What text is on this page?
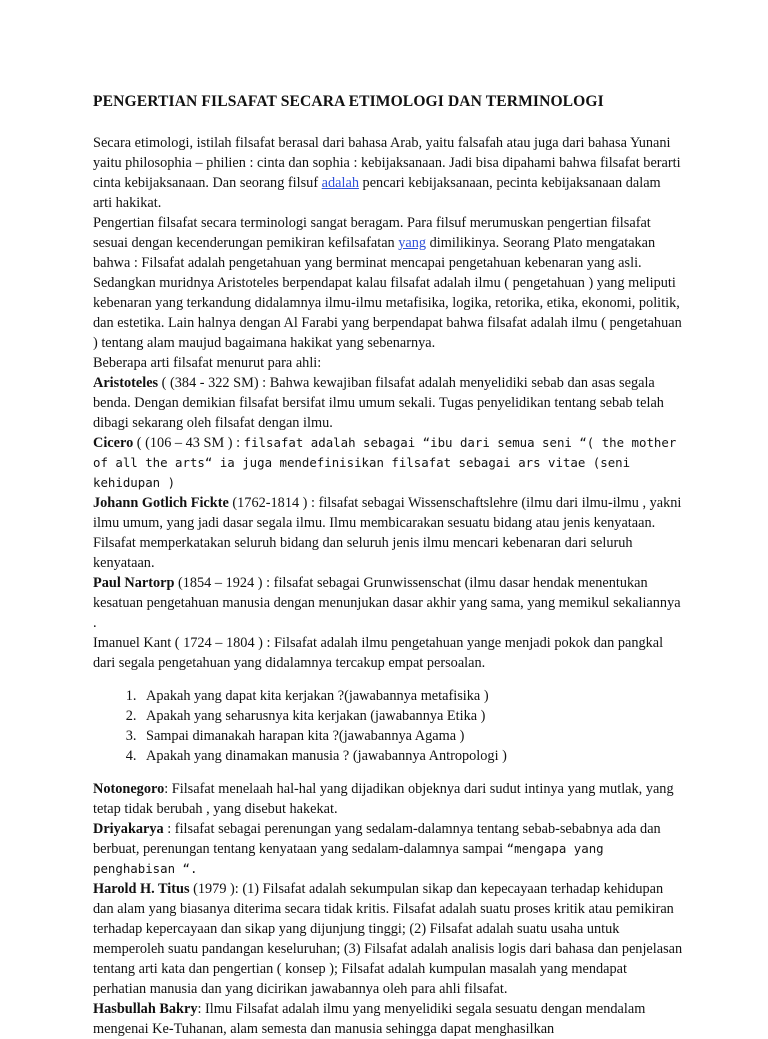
PENGERTIAN FILSAFAT SECARA ETIMOLOGI DAN TERMINOLOGI

Secara etimologi, istilah filsafat berasal dari bahasa Arab, yaitu falsafah atau juga dari bahasa Yunani yaitu philosophia – philien : cinta dan sophia : kebijaksanaan. Jadi bisa dipahami bahwa filsafat berarti cinta kebijaksanaan. Dan seorang filsuf adalah pencari kebijaksanaan, pecinta kebijaksanaan dalam arti hakikat.

Pengertian filsafat secara terminologi sangat beragam. Para filsuf merumuskan pengertian filsafat sesuai dengan kecenderungan pemikiran kefilsafatan yang dimilikinya. Seorang Plato mengatakan bahwa : Filsafat adalah pengetahuan yang berminat mencapai pengetahuan kebenaran yang asli. Sedangkan muridnya Aristoteles berpendapat kalau filsafat adalah ilmu ( pengetahuan ) yang meliputi kebenaran yang terkandung didalamnya ilmu-ilmu metafisika, logika, retorika, etika, ekonomi, politik, dan estetika. Lain halnya dengan Al Farabi yang berpendapat bahwa filsafat adalah ilmu ( pengetahuan ) tentang alam maujud bagaimana hakikat yang sebenarnya.

Beberapa arti filsafat menurut para ahli:

Aristoteles ( (384 - 322 SM) : Bahwa kewajiban filsafat adalah menyelidiki sebab dan asas segala benda. Dengan demikian filsafat bersifat ilmu umum sekali. Tugas penyelidikan tentang sebab telah dibagi sekarang oleh filsafat dengan ilmu.

Cicero ( (106 – 43 SM ) : filsafat adalah sebagai “ibu dari semua seni “( the mother of all the arts“ ia juga mendefinisikan filsafat sebagai ars vitae (seni kehidupan )

Johann Gotlich Fickte (1762-1814 ) : filsafat sebagai Wissenschaftslehre (ilmu dari ilmu-ilmu , yakni ilmu umum, yang jadi dasar segala ilmu. Ilmu membicarakan sesuatu bidang atau jenis kenyataan. Filsafat memperkatakan seluruh bidang dan seluruh jenis ilmu mencari kebenaran dari seluruh kenyataan.

Paul Nartorp (1854 – 1924 ) : filsafat sebagai Grunwissenschat (ilmu dasar hendak menentukan kesatuan pengetahuan manusia dengan menunjukan dasar akhir yang sama, yang memikul sekaliannya .

Imanuel Kant ( 1724 – 1804 ) : Filsafat adalah ilmu pengetahuan yange menjadi pokok dan pangkal dari segala pengetahuan yang didalamnya tercakup empat persoalan.

1. Apakah yang dapat kita kerjakan ?(jawabannya metafisika )
2. Apakah yang seharusnya kita kerjakan (jawabannya Etika )
3. Sampai dimanakah harapan kita ?(jawabannya Agama )
4. Apakah yang dinamakan manusia ? (jawabannya Antropologi )

Notonegoro: Filsafat menelaah hal-hal yang dijadikan objeknya dari sudut intinya yang mutlak, yang tetap tidak berubah , yang disebut hakekat.

Driyakarya : filsafat sebagai perenungan yang sedalam-dalamnya tentang sebab-sebabnya ada dan berbuat, perenungan tentang kenyataan yang sedalam-dalamnya sampai “mengapa yang penghabisan “.

Harold H. Titus (1979 ): (1) Filsafat adalah sekumpulan sikap dan kepecayaan terhadap kehidupan dan alam yang biasanya diterima secara tidak kritis. Filsafat adalah suatu proses kritik atau pemikiran terhadap kepercayaan dan sikap yang dijunjung tinggi; (2) Filsafat adalah suatu usaha untuk memperoleh suatu pandangan keseluruhan; (3) Filsafat adalah analisis logis dari bahasa dan penjelasan tentang arti kata dan pengertian ( konsep ); Filsafat adalah kumpulan masalah yang mendapat perhatian manusia dan yang dicirikan jawabannya oleh para ahli filsafat.

Hasbullah Bakry: Ilmu Filsafat adalah ilmu yang menyelidiki segala sesuatu dengan mendalam mengenai Ke-Tuhanan, alam semesta dan manusia sehingga dapat menghasilkan
